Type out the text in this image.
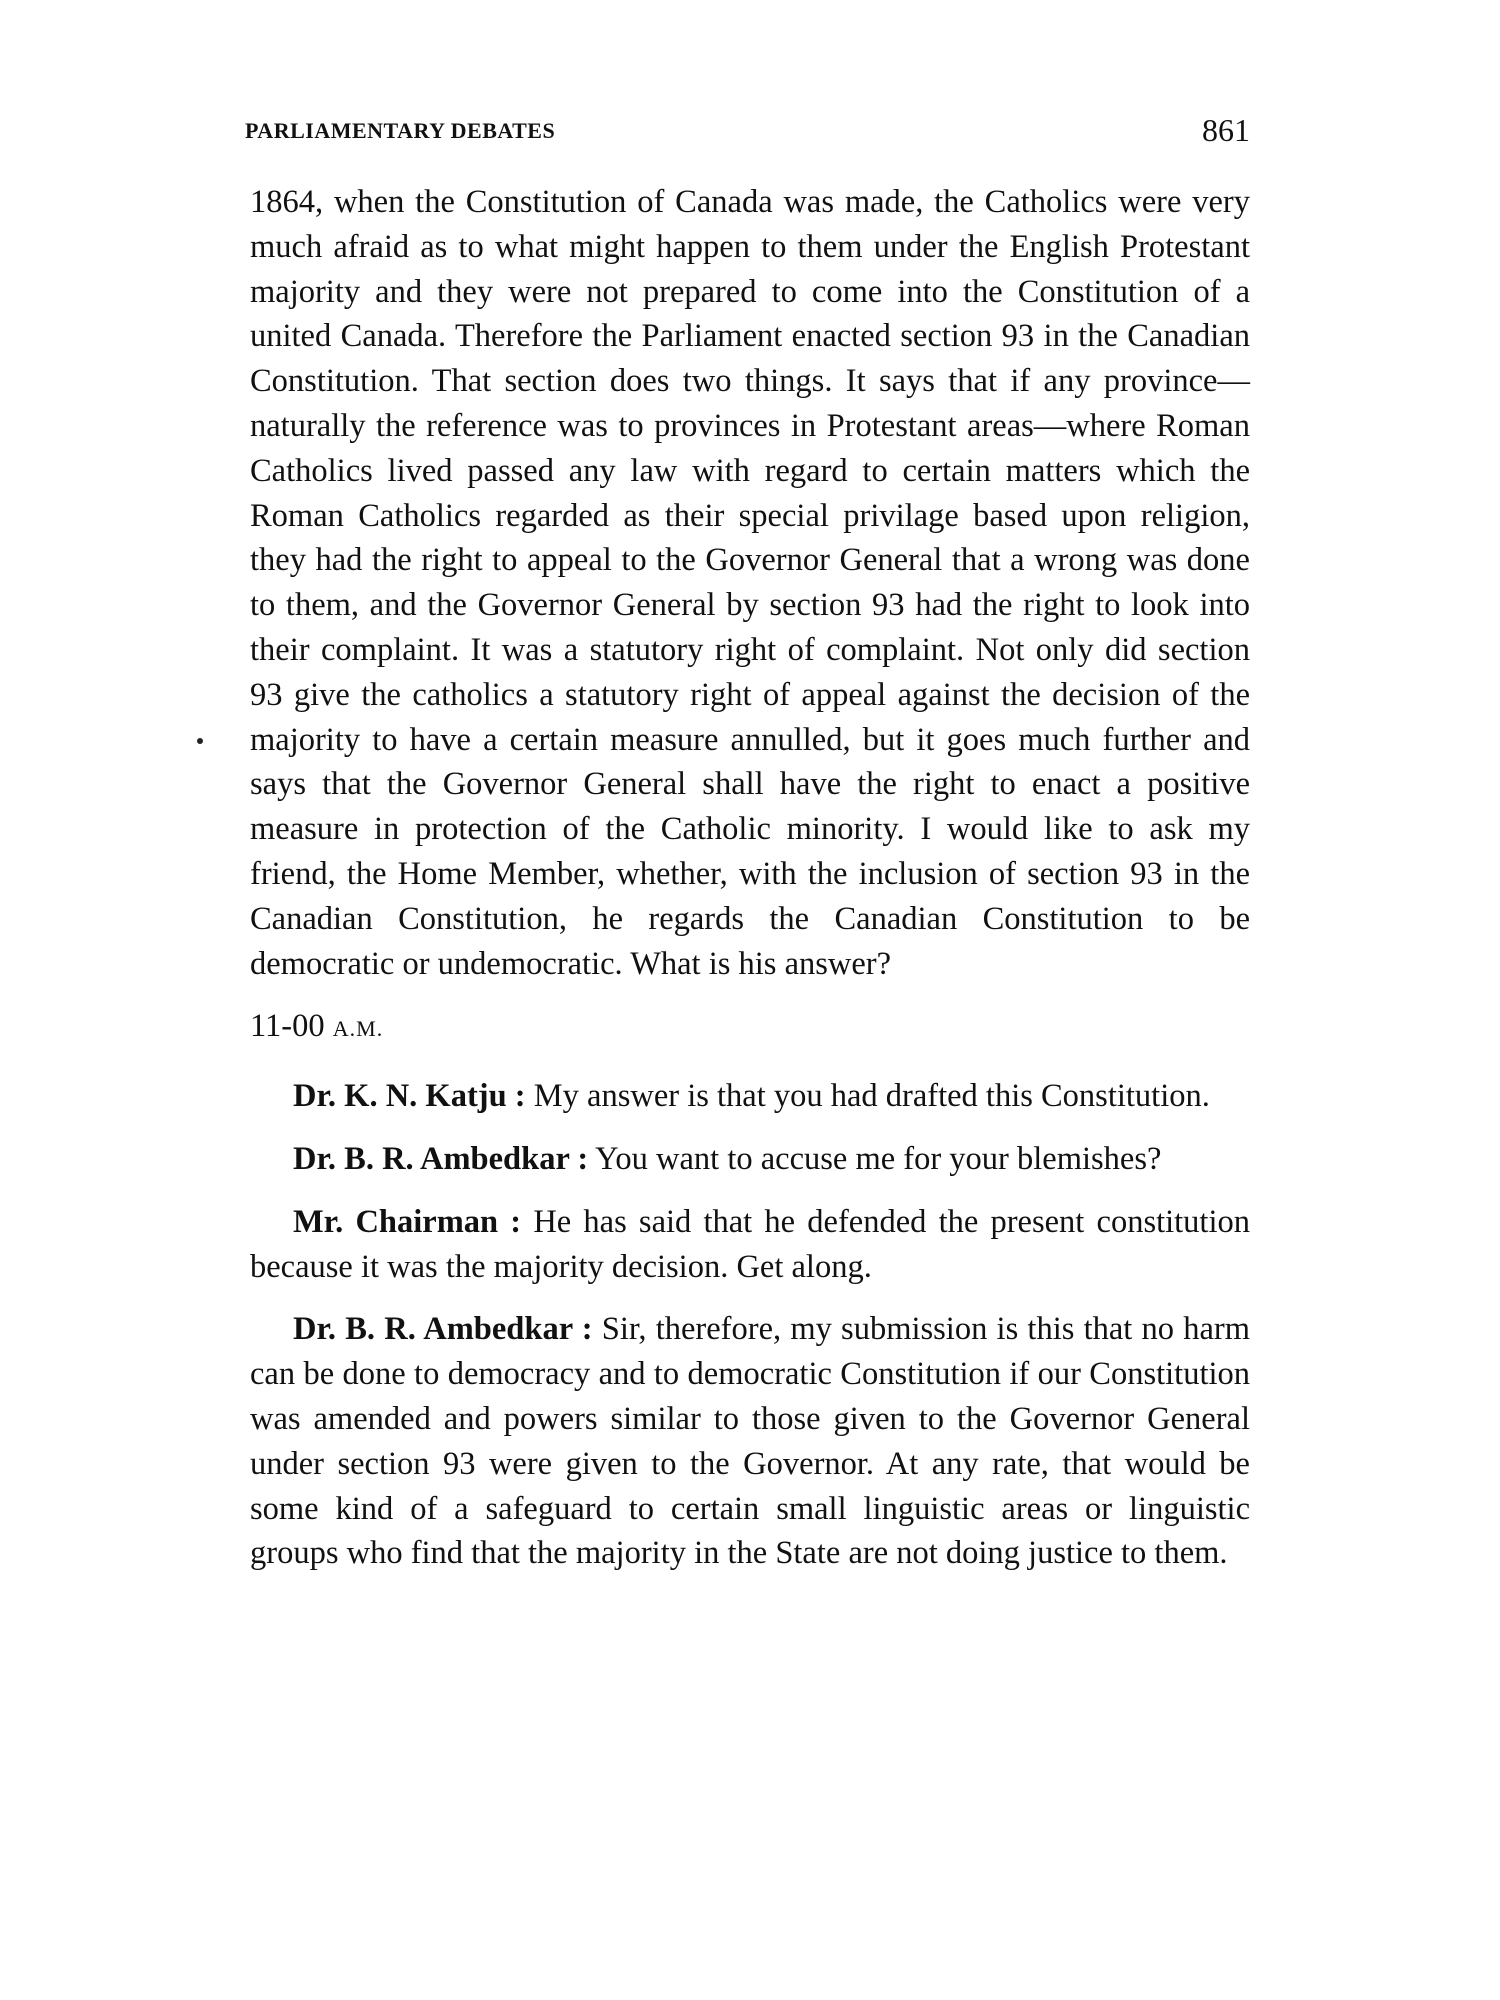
PARLIAMENTARY DEBATES	861

1864, when the Constitution of Canada was made, the Catholics were very much afraid as to what might happen to them under the English Protestant majority and they were not prepared to come into the Constitution of a united Canada. Therefore the Parliament enacted section 93 in the Canadian Constitution. That section does two things. It says that if any province—naturally the reference was to provinces in Protestant areas—where Roman Catholics lived passed any law with regard to certain matters which the Roman Catholics regarded as their special privilage based upon religion, they had the right to appeal to the Governor General that a wrong was done to them, and the Governor General by section 93 had the right to look into their complaint. It was a statutory right of complaint. Not only did section 93 give the catholics a statutory right of appeal against the decision of the majority to have a certain measure annulled, but it goes much further and says that the Governor General shall have the right to enact a positive measure in protection of the Catholic minority. I would like to ask my friend, the Home Member, whether, with the inclusion of section 93 in the Canadian Constitution, he regards the Canadian Constitution to be democratic or undemocratic. What is his answer?

11-00 A.M.

Dr. K. N. Katju : My answer is that you had drafted this Constitution.

Dr. B. R. Ambedkar : You want to accuse me for your blemishes?

Mr. Chairman : He has said that he defended the present constitution because it was the majority decision. Get along.

Dr. B. R. Ambedkar : Sir, therefore, my submission is this that no harm can be done to democracy and to democratic Constitution if our Constitution was amended and powers similar to those given to the Governor General under section 93 were given to the Governor. At any rate, that would be some kind of a safeguard to certain small linguistic areas or linguistic groups who find that the majority in the State are not doing justice to them.
